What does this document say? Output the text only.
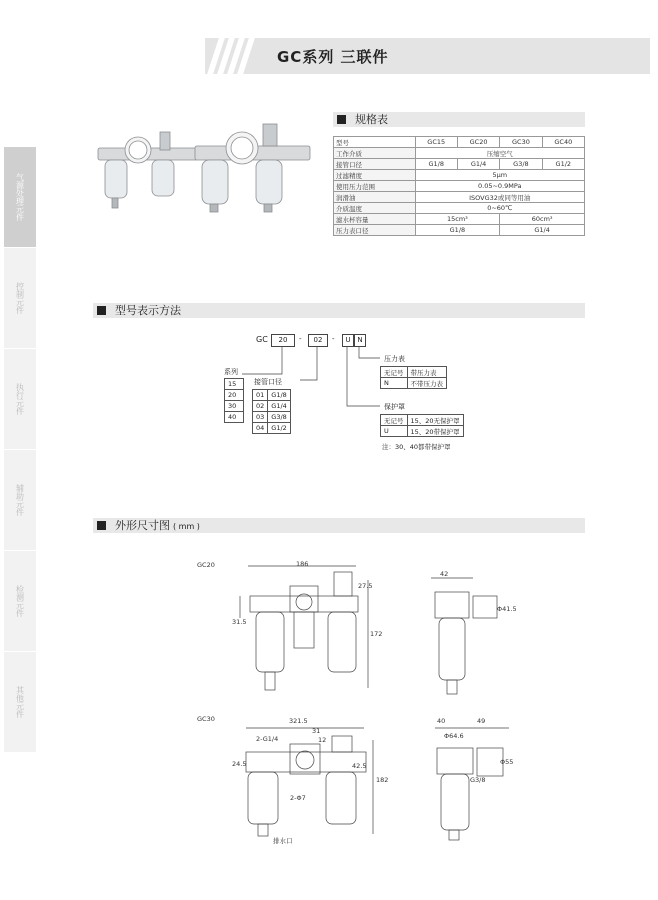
GC系列 三联件
气源处理元件
控制元件
执行元件
辅助元件
检测元件
其他元件
规格表
型号	GC15	GC20	GC30	GC40
工作介质	压缩空气			
接管口径	G1/8	G1/4	G3/8	G1/2
过滤精度	5μm			
使用压力范围	0.05~0.9MPa			
润滑油	ISOVG32或同等用油			
介质温度	0~60℃			
滤水杯容量	15cm³		60cm³	
压力表口径	G1/8		G1/4	
型号表示方法
GC	20	-	02	-	U N
系列
15
20
30
40
接管口径
01	G1/8
02	G1/4
03	G3/8
04	G1/2
压力表
无记号	带压力表
N	不带压力表
保护罩
无记号	15、20无保护罩
U	15、20带保护罩
注：30、40都带保护罩
外形尺寸图 ( mm )
GC20	186
172
31.5
27.5
42
Φ41.5
GC30	321.5
31
12
2-G1/4
2-Φ7
182
24.5	42.5
排水口
40	49
Φ64.6
Φ55
G3/8
